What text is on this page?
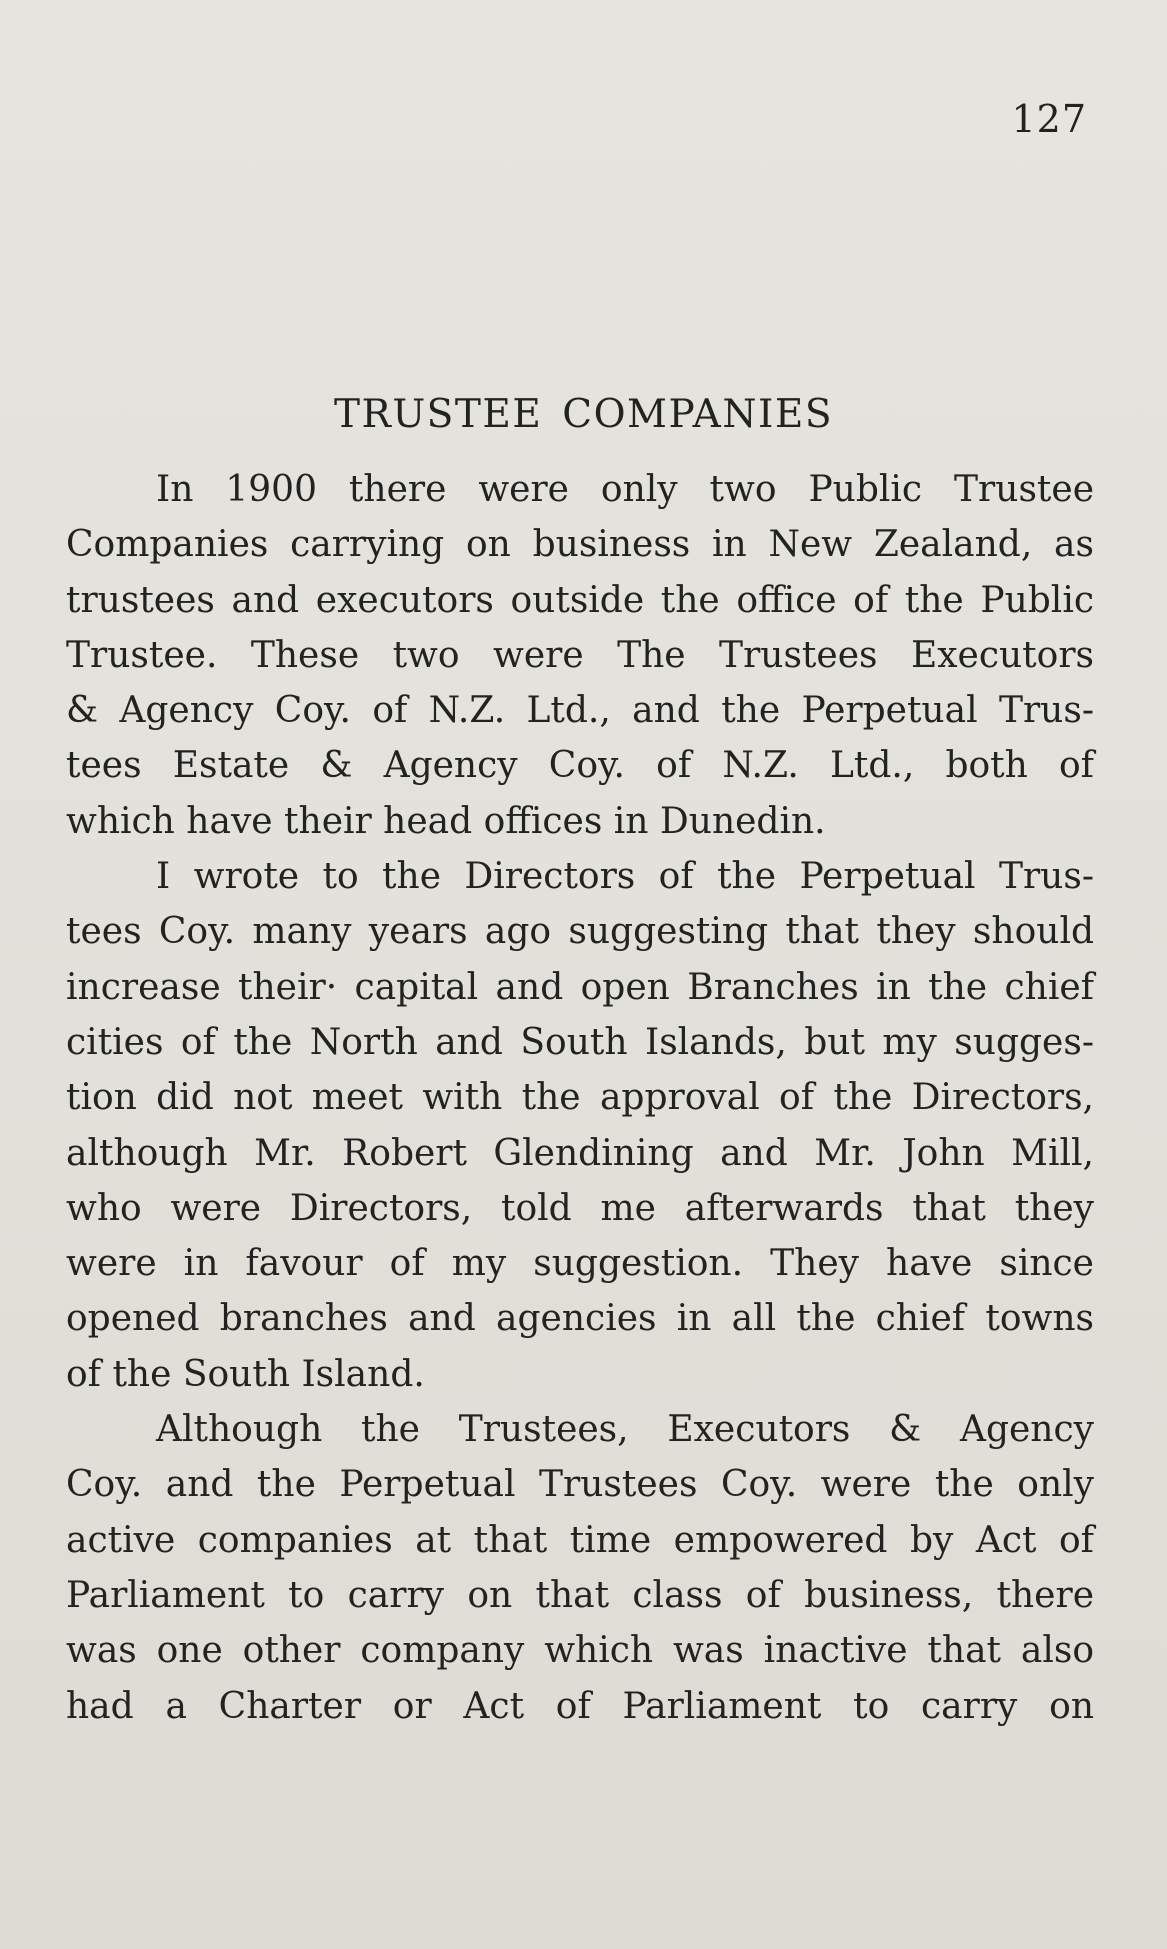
127
TRUSTEE COMPANIES
In 1900 there were only two Public Trustee
Companies carrying on business in New Zealand, as
trustees and executors outside the office of the Public
Trustee. These two were The Trustees Executors
& Agency Coy. of N.Z. Ltd., and the Perpetual Trus-
tees Estate & Agency Coy. of N.Z. Ltd., both of
which have their head offices in Dunedin.
I wrote to the Directors of the Perpetual Trus-
tees Coy. many years ago suggesting that they should
increase their· capital and open Branches in the chief
cities of the North and South Islands, but my sugges-
tion did not meet with the approval of the Directors,
although Mr. Robert Glendining and Mr. John Mill,
who were Directors, told me afterwards that they
were in favour of my suggestion. They have since
opened branches and agencies in all the chief towns
of the South Island.
Although the Trustees, Executors & Agency
Coy. and the Perpetual Trustees Coy. were the only
active companies at that time empowered by Act of
Parliament to carry on that class of business, there
was one other company which was inactive that also
had a Charter or Act of Parliament to carry on
